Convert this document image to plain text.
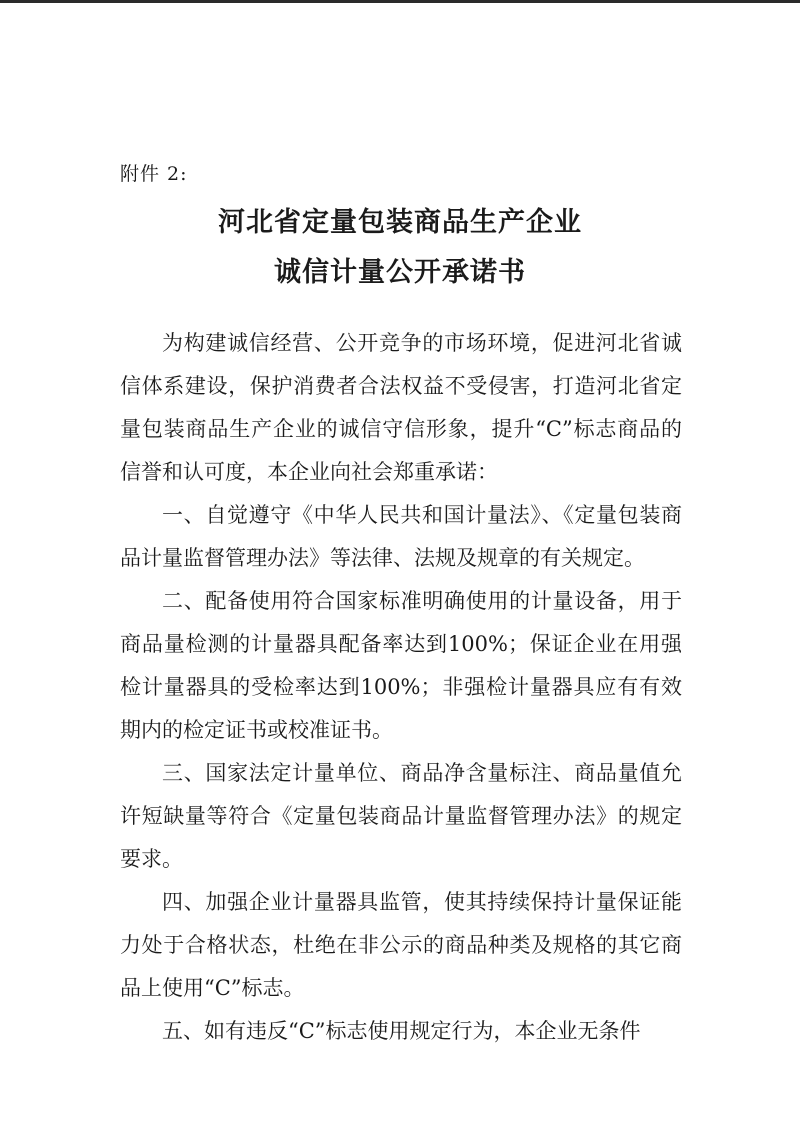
附件 2:
河北省定量包装商品生产企业
诚信计量公开承诺书

为构建诚信经营、公开竞争的市场环境，促进河北省诚信体系建设，保护消费者合法权益不受侵害，打造河北省定量包装商品生产企业的诚信守信形象，提升“C”标志商品的信誉和认可度，本企业向社会郑重承诺：

一、自觉遵守《中华人民共和国计量法》、《定量包装商品计量监督管理办法》等法律、法规及规章的有关规定。

二、配备使用符合国家标准明确使用的计量设备，用于商品量检测的计量器具配备率达到100%；保证企业在用强检计量器具的受检率达到100%；非强检计量器具应有有效期内的检定证书或校准证书。

三、国家法定计量单位、商品净含量标注、商品量值允许短缺量等符合《定量包装商品计量监督管理办法》的规定要求。

四、加强企业计量器具监管，使其持续保持计量保证能力处于合格状态，杜绝在非公示的商品种类及规格的其它商品上使用“C”标志。

五、如有违反“C”标志使用规定行为，本企业无条件
